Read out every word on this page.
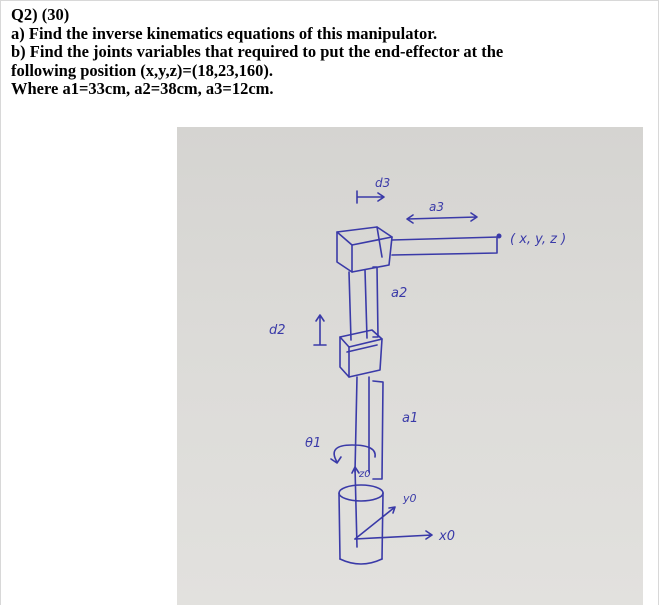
Q2) (30)
a) Find the inverse kinematics equations of this manipulator.
b) Find the joints variables that required to put the end-effector at the
following position (x,y,z)=(18,23,160).
Where a1=33cm, a2=38cm, a3=12cm.
d3
a3
( x, y, z )
a2
d2
a1
θ1
z0
y0
x0
